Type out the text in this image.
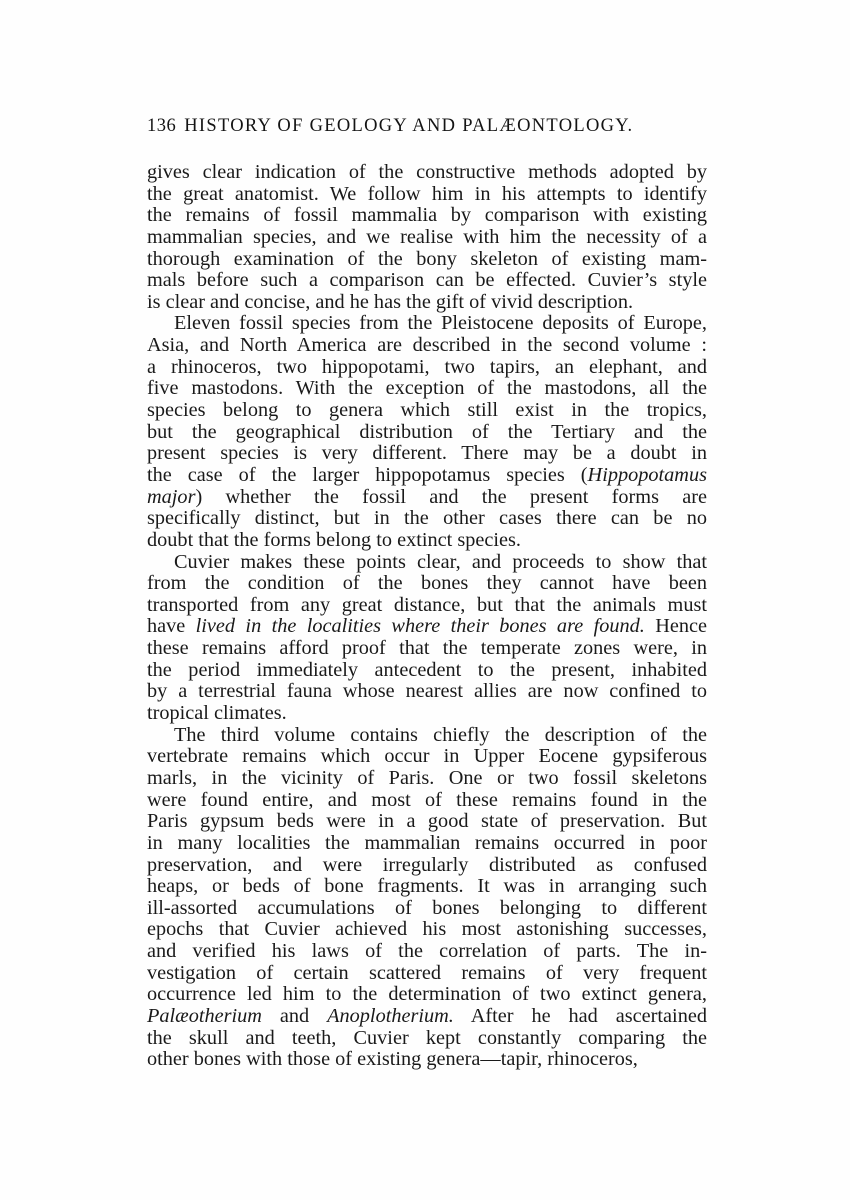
136 HISTORY OF GEOLOGY AND PALÆONTOLOGY.
gives clear indication of the constructive methods adopted by
the great anatomist. We follow him in his attempts to identify
the remains of fossil mammalia by comparison with existing
mammalian species, and we realise with him the necessity of a
thorough examination of the bony skeleton of existing mam-
mals before such a comparison can be effected. Cuvier’s style
is clear and concise, and he has the gift of vivid description.
Eleven fossil species from the Pleistocene deposits of Europe,
Asia, and North America are described in the second volume :
a rhinoceros, two hippopotami, two tapirs, an elephant, and
five mastodons. With the exception of the mastodons, all the
species belong to genera which still exist in the tropics,
but the geographical distribution of the Tertiary and the
present species is very different. There may be a doubt in
the case of the larger hippopotamus species (Hippopotamus
major) whether the fossil and the present forms are
specifically distinct, but in the other cases there can be no
doubt that the forms belong to extinct species.
Cuvier makes these points clear, and proceeds to show that
from the condition of the bones they cannot have been
transported from any great distance, but that the animals must
have lived in the localities where their bones are found. Hence
these remains afford proof that the temperate zones were, in
the period immediately antecedent to the present, inhabited
by a terrestrial fauna whose nearest allies are now confined to
tropical climates.
The third volume contains chiefly the description of the
vertebrate remains which occur in Upper Eocene gypsiferous
marls, in the vicinity of Paris. One or two fossil skeletons
were found entire, and most of these remains found in the
Paris gypsum beds were in a good state of preservation. But
in many localities the mammalian remains occurred in poor
preservation, and were irregularly distributed as confused
heaps, or beds of bone fragments. It was in arranging such
ill-assorted accumulations of bones belonging to different
epochs that Cuvier achieved his most astonishing successes,
and verified his laws of the correlation of parts. The in-
vestigation of certain scattered remains of very frequent
occurrence led him to the determination of two extinct genera,
Palæotherium and Anoplotherium. After he had ascertained
the skull and teeth, Cuvier kept constantly comparing the
other bones with those of existing genera—tapir, rhinoceros,
